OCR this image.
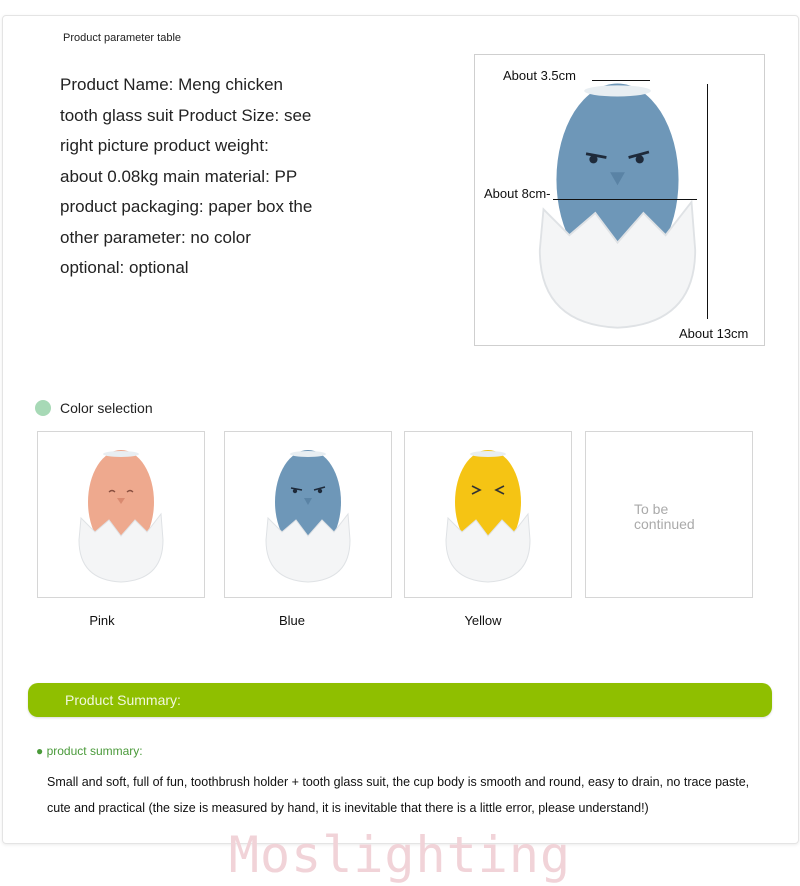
Product parameter table
Product Name: Meng chicken tooth glass suit Product Size: see right picture product weight: about 0.08kg main material: PP product packaging: paper box the other parameter: no color optional: optional
About 3.5cm
About 8cm-
About 13cm
Color selection
To be continued
Pink	Blue	Yellow
Product Summary:
● product summary:
Small and soft, full of fun, toothbrush holder + tooth glass suit, the cup body is smooth and round, easy to drain, no trace paste, cute and practical (the size is measured by hand, it is inevitable that there is a little error, please understand!)
Moslighting
